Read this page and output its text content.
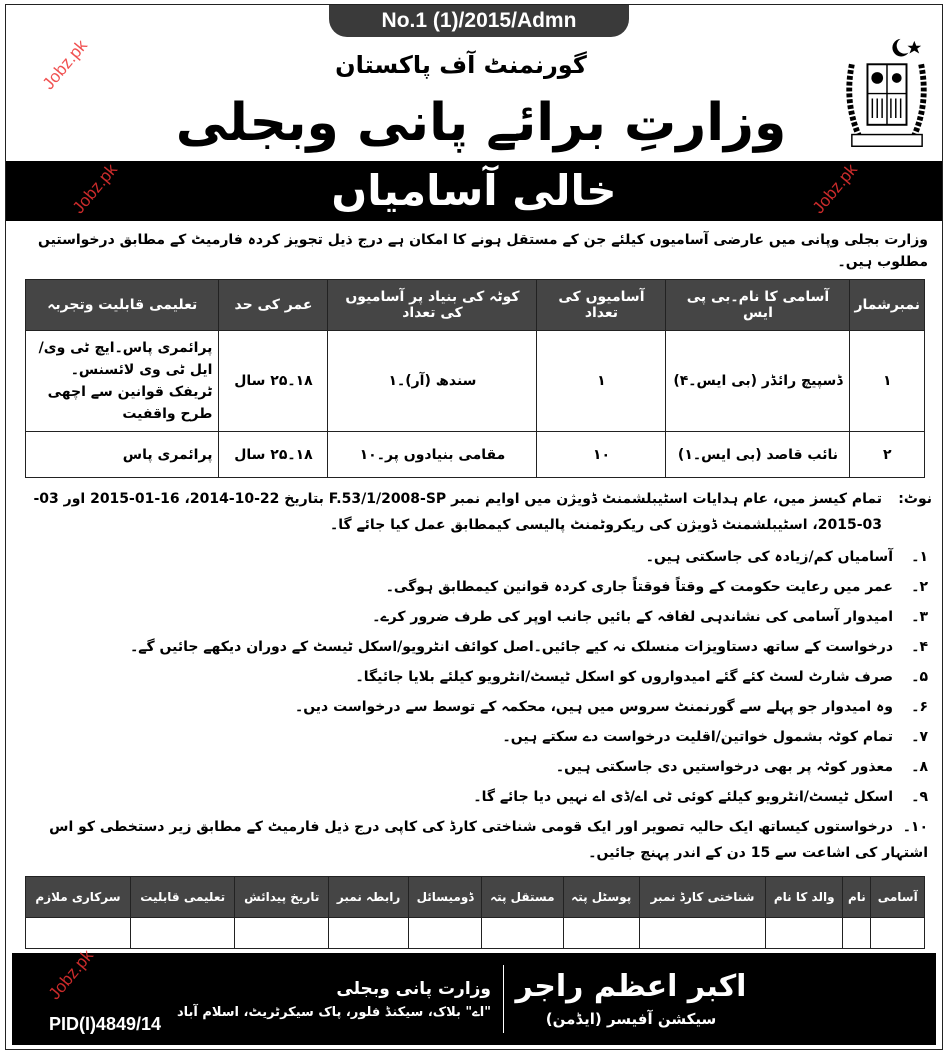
No.1 (1)/2015/Admn
Jobz.pk	گورنمنٹ آف پاکستان
وزارتِ برائے پانی وبجلی
خالی آسامیاں
Jobz.pk	Jobz.pk
وزارت بجلی وپانی میں عارضی آسامیوں کیلئے جن کے مستقل ہونے کا امکان ہے درج ذیل تجویز کردہ فارمیٹ کے مطابق درخواستیں مطلوب ہیں۔
نمبرشمار	آسامی کا نام۔بی پی ایس	آسامیوں کی تعداد	کوٹہ کی بنیاد پر آسامیوں کی تعداد	عمر کی حد	تعلیمی قابلیت وتجربہ
۱	ڈسپیچ رائڈر (بی ایس۔۴)	۱	سندھ (آر)۔۱	۱۸۔۲۵ سال	پرائمری پاس۔ایچ ٹی وی/ایل ٹی وی لائسنس۔ ٹریفک قوانین سے اچھی طرح واقفیت
۲	نائب قاصد (بی ایس۔۱)	۱۰	مقامی بنیادوں پر۔۱۰	۱۸۔۲۵ سال	پرائمری پاس
نوٹ:
تمام کیسز میں، عام ہدایات اسٹیبلشمنٹ ڈویژن میں اوایم نمبر F.53/1/2008-SP بتاریخ 22-10-2014، 16-01-2015 اور 03-03-2015، اسٹیبلشمنٹ ڈویژن کی ریکروٹمنٹ پالیسی کیمطابق عمل کیا جائے گا۔
۱۔آسامیاں کم/زیادہ کی جاسکتی ہیں۔
۲۔عمر میں رعایت حکومت کے وقتاً فوقتاً جاری کردہ قوانین کیمطابق ہوگی۔
۳۔امیدوار آسامی کی نشاندہی لفافہ کے بائیں جانب اوپر کی طرف ضرور کرے۔
۴۔درخواست کے ساتھ دستاویزات منسلک نہ کیے جائیں۔اصل کوائف انٹرویو/اسکل ٹیسٹ کے دوران دیکھے جائیں گے۔
۵۔صرف شارٹ لسٹ کئے گئے امیدواروں کو اسکل ٹیسٹ/انٹرویو کیلئے بلایا جائیگا۔
۶۔وہ امیدوار جو پہلے سے گورنمنٹ سروس میں ہیں، محکمہ کے توسط سے درخواست دیں۔
۷۔تمام کوٹہ بشمول خواتین/اقلیت درخواست دے سکتے ہیں۔
۸۔معذور کوٹہ پر بھی درخواستیں دی جاسکتی ہیں۔
۹۔اسکل ٹیسٹ/انٹرویو کیلئے کوئی ٹی اے/ڈی اے نہیں دیا جائے گا۔
۱۰۔درخواستوں کیساتھ ایک حالیہ تصویر اور ایک قومی شناختی کارڈ کی کاپی درج ذیل فارمیٹ کے مطابق زیر دستخطی کو اس اشتہار کی اشاعت سے 15 دن کے اندر پہنچ جائیں۔
آسامی	نام	والد کا نام	شناختی کارڈ نمبر	پوسٹل پتہ	مستقل پتہ	ڈومیسائل	رابطہ نمبر	تاریخ پیدائش	تعلیمی قابلیت	سرکاری ملازم

اکبر اعظم راجر
سیکشن آفیسر (ایڈمن)
وزارت پانی وبجلی
"اے" بلاک، سیکنڈ فلور، پاک سیکرٹریٹ، اسلام آباد
PID(I)4849/14
Jobz.pk
